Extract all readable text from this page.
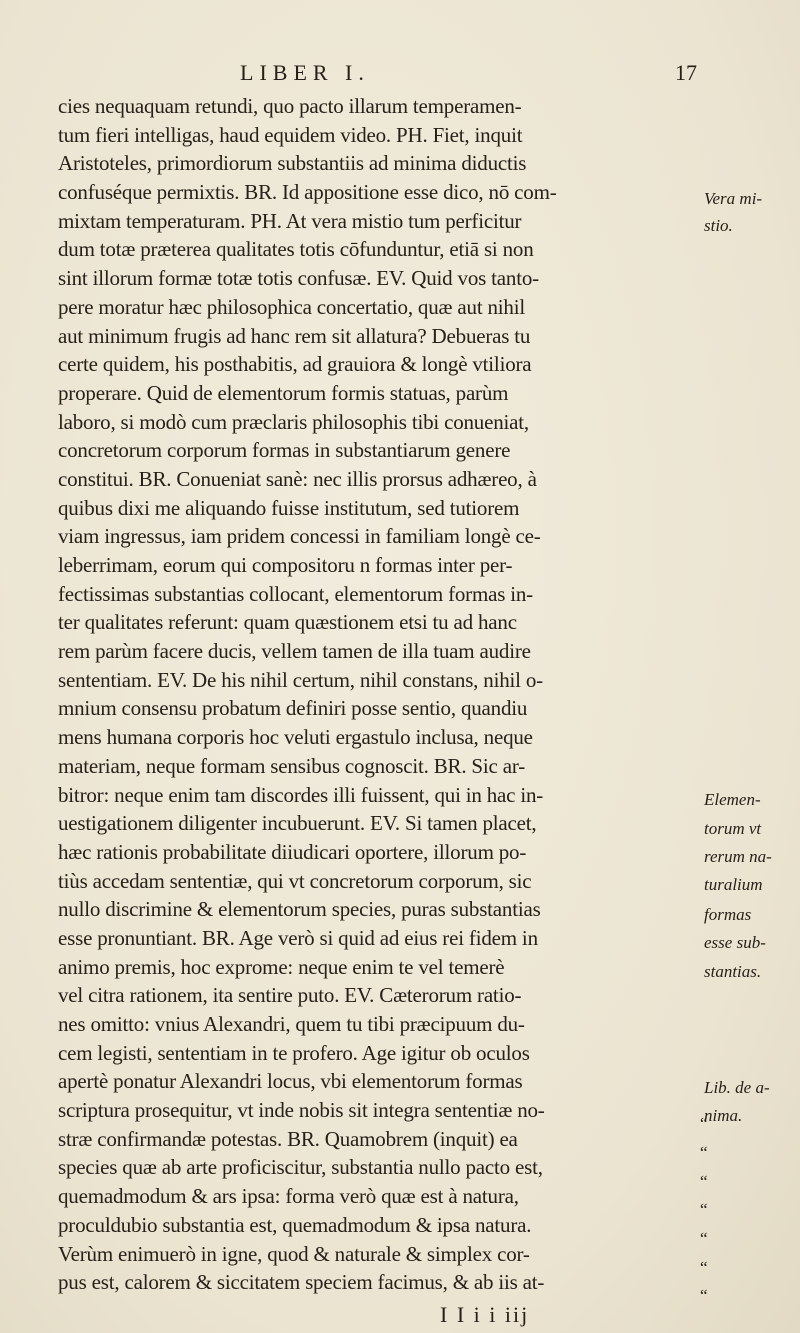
LIBER I.	17
cies nequaquam retundi, quo pacto illarum temperamen-
tum fieri intelligas, haud equidem video. PH. Fiet, inquit
Aristoteles, primordiorum substantiis ad minima diductis
confuséque permixtis. BR. Id appositione esse dico, nō com-
mixtam temperaturam. PH. At vera mistio tum perficitur
dum totæ præterea qualitates totis cōfunduntur, etiā si non
sint illorum formæ totæ totis confusæ. EV. Quid vos tanto-
pere moratur hæc philosophica concertatio, quæ aut nihil
aut minimum frugis ad hanc rem sit allatura? Debueras tu
certe quidem, his posthabitis, ad grauiora & longè vtiliora
properare. Quid de elementorum formis statuas, parùm
laboro, si modò cum præclaris philosophis tibi conueniat,
concretorum corporum formas in substantiarum genere
constitui. BR. Conueniat sanè: nec illis prorsus adhæreo, à
quibus dixi me aliquando fuisse institutum, sed tutiorem
viam ingressus, iam pridem concessi in familiam longè ce-
leberrimam, eorum qui compositoru n formas inter per-
fectissimas substantias collocant, elementorum formas in-
ter qualitates referunt: quam quæstionem etsi tu ad hanc
rem parùm facere ducis, vellem tamen de illa tuam audire
sententiam. EV. De his nihil certum, nihil constans, nihil o-
mnium consensu probatum definiri posse sentio, quandiu
mens humana corporis hoc veluti ergastulo inclusa, neque
materiam, neque formam sensibus cognoscit. BR. Sic ar-
bitror: neque enim tam discordes illi fuissent, qui in hac in-
uestigationem diligenter incubuerunt. EV. Si tamen placet,
hæc rationis probabilitate diiudicari oportere, illorum po-
tiùs accedam sententiæ, qui vt concretorum corporum, sic
nullo discrimine & elementorum species, puras substantias
esse pronuntiant. BR. Age verò si quid ad eius rei fidem in
animo premis, hoc exprome: neque enim te vel temerè
vel citra rationem, ita sentire puto. EV. Cæterorum ratio-
nes omitto: vnius Alexandri, quem tu tibi præcipuum du-
cem legisti, sententiam in te profero. Age igitur ob oculos
apertè ponatur Alexandri locus, vbi elementorum formas
scriptura prosequitur, vt inde nobis sit integra sententiæ no-
stræ confirmandæ potestas. BR. Quamobrem (inquit) ea
species quæ ab arte proficiscitur, substantia nullo pacto est,
quemadmodum & ars ipsa: forma verò quæ est à natura,
proculdubio substantia est, quemadmodum & ipsa natura.
Verùm enimuerò in igne, quod & naturale & simplex cor-
pus est, calorem & siccitatem speciem facimus, & ab iis at-
Vera mi-
stio.
Elemen-
torum vt
rerum na-
turalium
formas
esse sub-
stantias.
Lib. de a-
nima.
“
“
“
“
“
“
“
I I i i iij
